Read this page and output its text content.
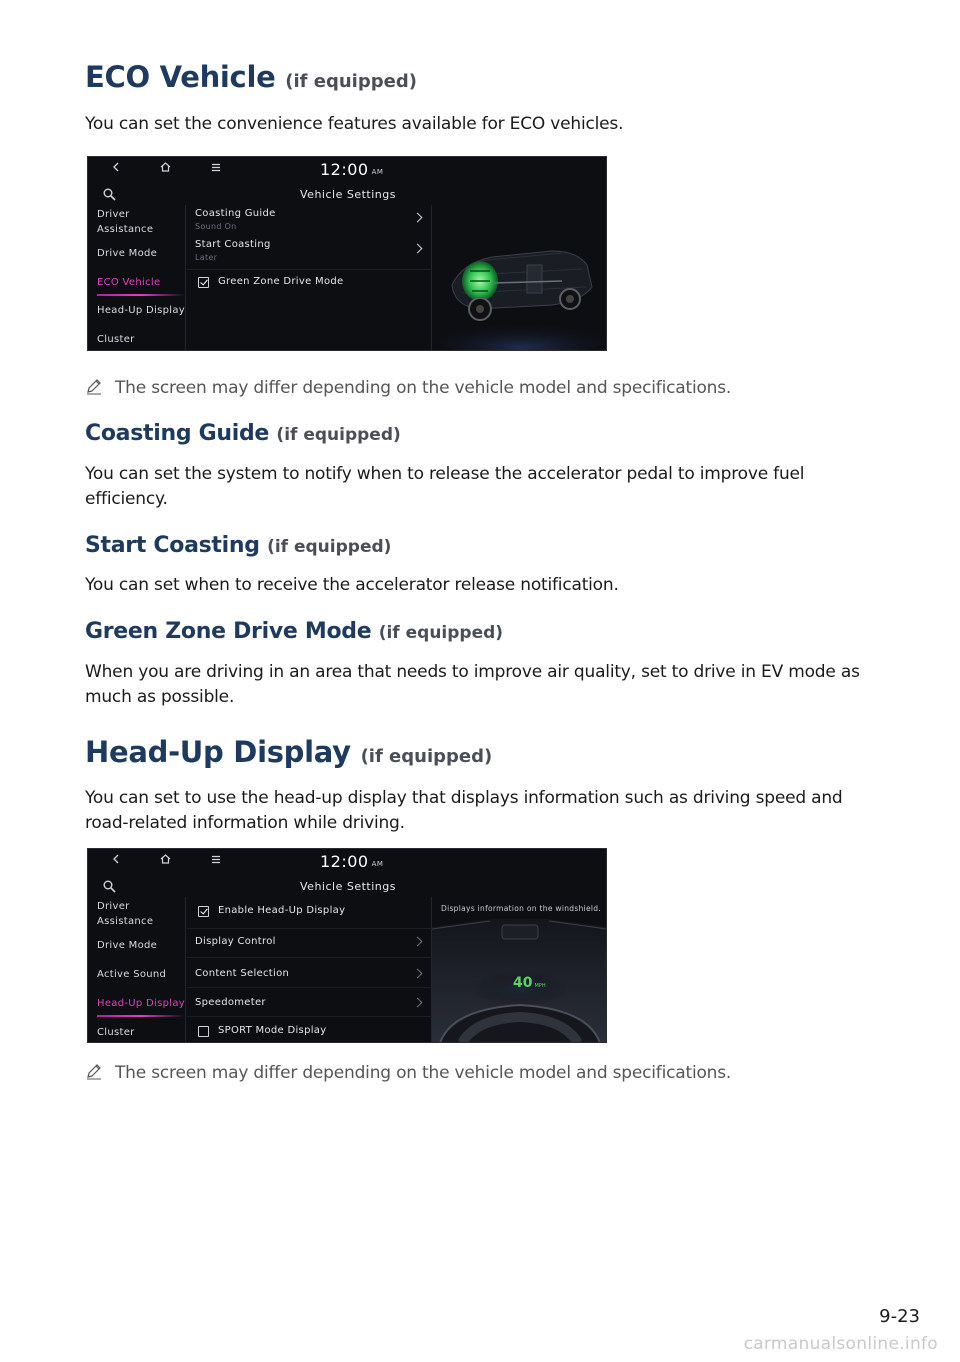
ECO Vehicle (if equipped)
You can set the convenience features available for ECO vehicles.
12:00 AM
Vehicle Settings
Driver
Assistance
Drive Mode
ECO Vehicle
Head-Up Display
Cluster
Coasting Guide
Sound On
Start Coasting
Later
Green Zone Drive Mode
The screen may differ depending on the vehicle model and specifications.
Coasting Guide (if equipped)
You can set the system to notify when to release the accelerator pedal to improve fuel
efficiency.
Start Coasting (if equipped)
You can set when to receive the accelerator release notification.
Green Zone Drive Mode (if equipped)
When you are driving in an area that needs to improve air quality, set to drive in EV mode as
much as possible.
Head-Up Display (if equipped)
You can set to use the head-up display that displays information such as driving speed and
road-related information while driving.
12:00 AM
Vehicle Settings
Driver
Assistance
Drive Mode
Active Sound
Head-Up Display
Cluster
Enable Head-Up Display
Display Control
Content Selection
Speedometer
SPORT Mode Display
Displays information on the windshield.
40 MPH
The screen may differ depending on the vehicle model and specifications.
9-23
carmanualsonline.info
